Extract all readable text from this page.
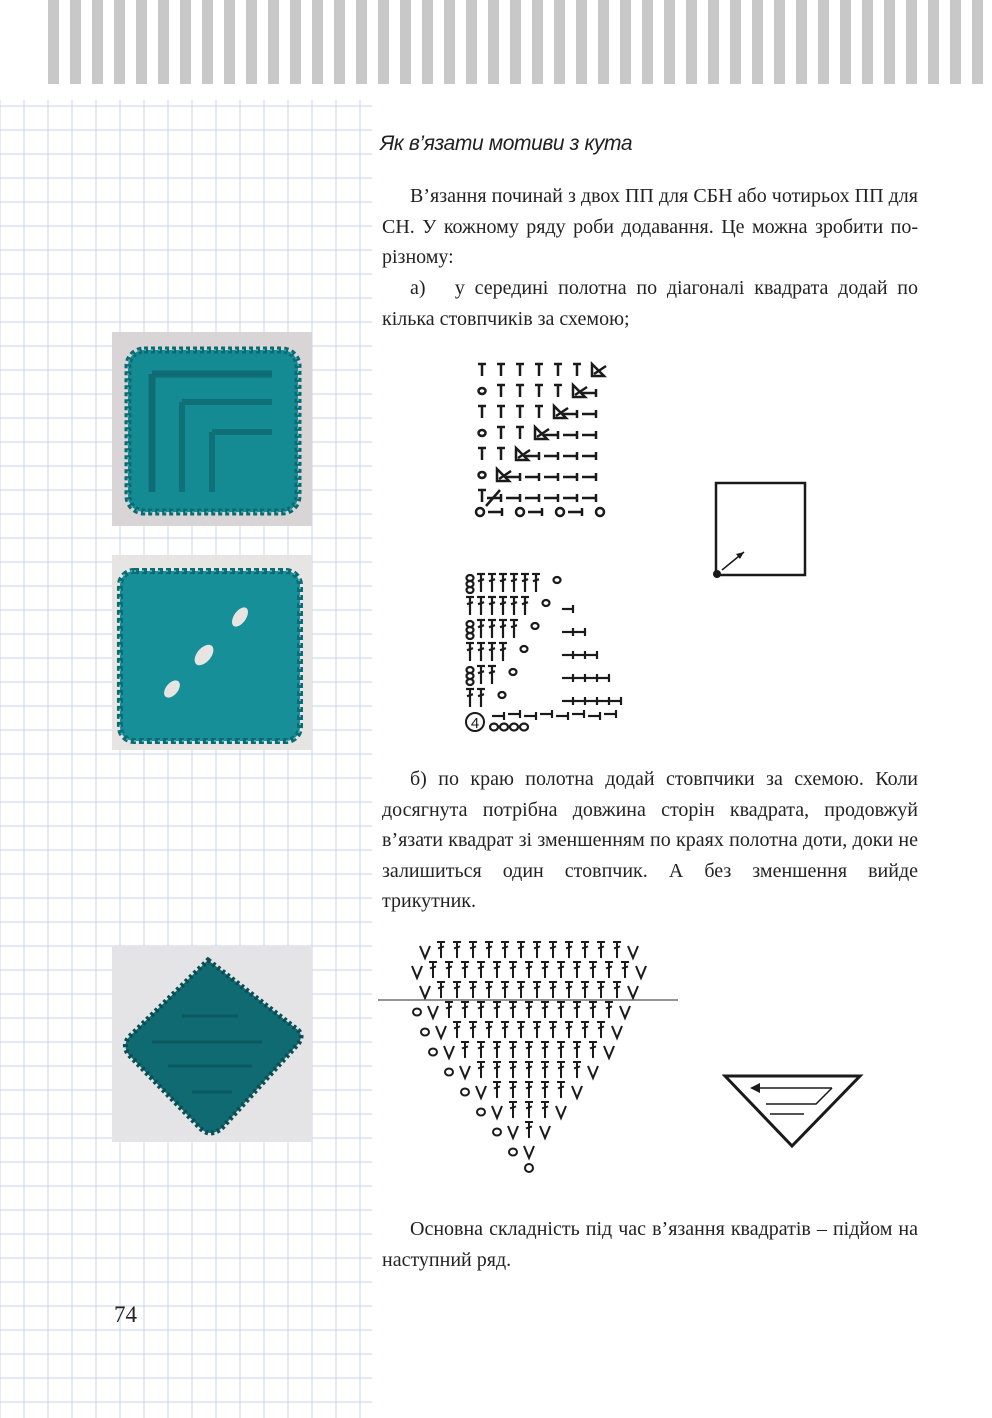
Як в’язати мотиви з кута

В’язання починай з двох ПП для СБН або чотирьох ПП для СН. У кожному ряду роби додавання. Це можна зробити по-різному:

а)   у середині полотна по діагоналі квадрата додай по кілька стовпчиків за схемою;

4

б) по краю полотна додай стовпчики за схемою. Коли досягнута потрібна довжина сторін квадрата, продовжуй в’язати квадрат зі зменшенням по краях полотна доти, доки не залишиться один стовпчик. А без зменшення вийде трикутник.

Основна складність під час в’язання квадратів – підйом на наступний ряд.

74
